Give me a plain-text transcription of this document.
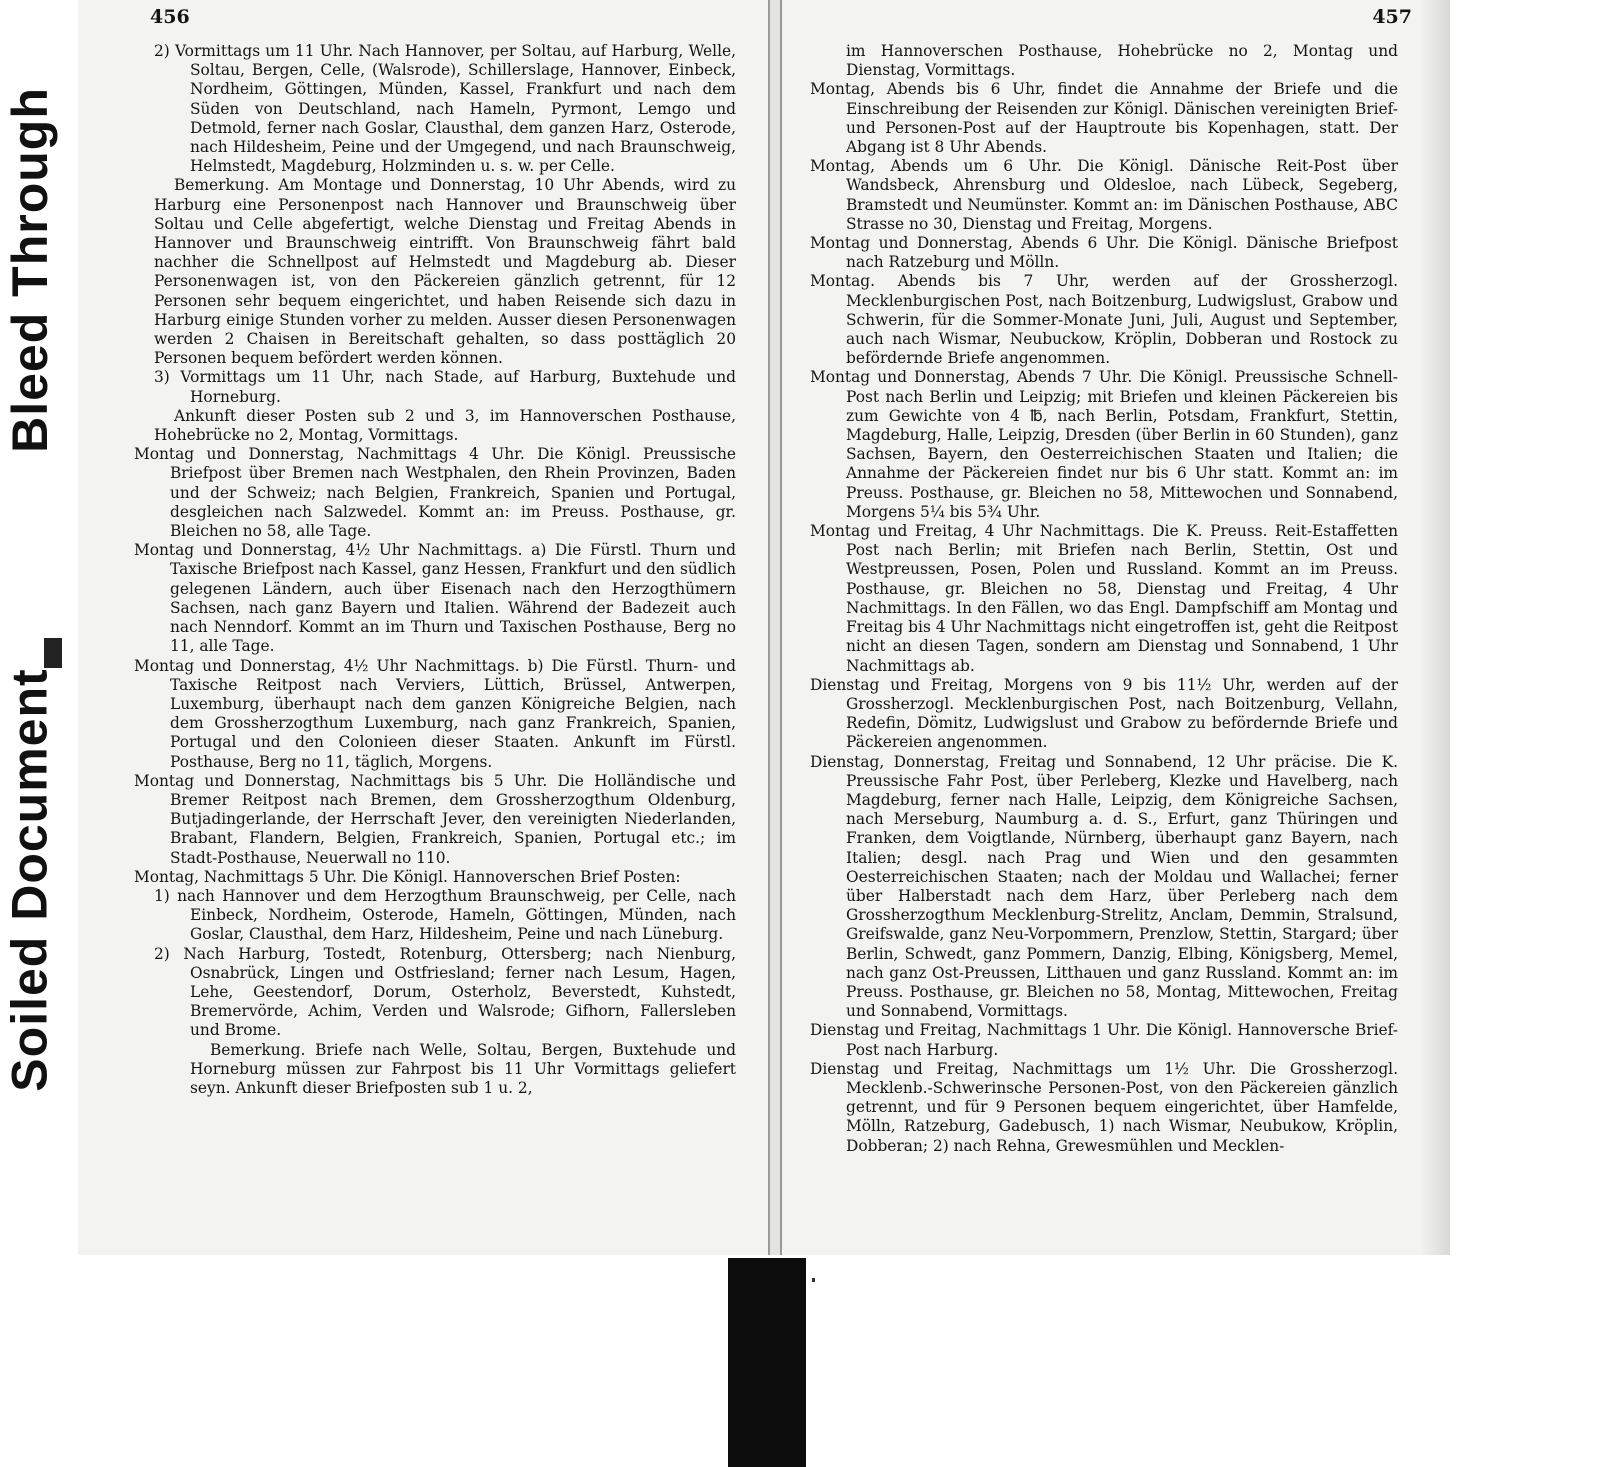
Bleed Through
Soiled Document
456

2) Vormittags um 11 Uhr. Nach Hannover, per Soltau, auf Harburg, Welle, Soltau, Bergen, Celle, (Walsrode), Schillerslage, Hannover, Einbeck, Nordheim, Göttingen, Münden, Kassel, Frankfurt und nach dem Süden von Deutschland, nach Hameln, Pyrmont, Lemgo und Detmold, ferner nach Goslar, Clausthal, dem ganzen Harz, Osterode, nach Hildesheim, Peine und der Umgegend, und nach Braunschweig, Helmstedt, Magdeburg, Holzminden u. s. w. per Celle.

Bemerkung. Am Montage und Donnerstag, 10 Uhr Abends, wird zu Harburg eine Personenpost nach Hannover und Braunschweig über Soltau und Celle abgefertigt, welche Dienstag und Freitag Abends in Hannover und Braunschweig eintrifft. Von Braunschweig fährt bald nachher die Schnellpost auf Helmstedt und Magdeburg ab. Dieser Personenwagen ist, von den Päckereien gänzlich getrennt, für 12 Personen sehr bequem eingerichtet, und haben Reisende sich dazu in Harburg einige Stunden vorher zu melden. Ausser diesen Personenwagen werden 2 Chaisen in Bereitschaft gehalten, so dass posttäglich 20 Personen bequem befördert werden können.

3) Vormittags um 11 Uhr, nach Stade, auf Harburg, Buxtehude und Horneburg.

Ankunft dieser Posten sub 2 und 3, im Hannoverschen Posthause, Hohebrücke no 2, Montag, Vormittags.

Montag und Donnerstag, Nachmittags 4 Uhr. Die Königl. Preussische Briefpost über Bremen nach Westphalen, den Rhein Provinzen, Baden und der Schweiz; nach Belgien, Frankreich, Spanien und Portugal, desgleichen nach Salzwedel. Kommt an: im Preuss. Posthause, gr. Bleichen no 58, alle Tage.

Montag und Donnerstag, 4½ Uhr Nachmittags. a) Die Fürstl. Thurn und Taxische Briefpost nach Kassel, ganz Hessen, Frankfurt und den südlich gelegenen Ländern, auch über Eisenach nach den Herzogthümern Sachsen, nach ganz Bayern und Italien. Während der Badezeit auch nach Nenndorf. Kommt an im Thurn und Taxischen Posthause, Berg no 11, alle Tage.

Montag und Donnerstag, 4½ Uhr Nachmittags. b) Die Fürstl. Thurn- und Taxische Reitpost nach Verviers, Lüttich, Brüssel, Antwerpen, Luxemburg, überhaupt nach dem ganzen Königreiche Belgien, nach dem Grossherzogthum Luxemburg, nach ganz Frankreich, Spanien, Portugal und den Colonieen dieser Staaten. Ankunft im Fürstl. Posthause, Berg no 11, täglich, Morgens.

Montag und Donnerstag, Nachmittags bis 5 Uhr. Die Holländische und Bremer Reitpost nach Bremen, dem Grossherzogthum Oldenburg, Butjadingerlande, der Herrschaft Jever, den vereinigten Niederlanden, Brabant, Flandern, Belgien, Frankreich, Spanien, Portugal etc.; im Stadt-Posthause, Neuerwall no 110.

Montag, Nachmittags 5 Uhr. Die Königl. Hannoverschen Brief Posten:

1) nach Hannover und dem Herzogthum Braunschweig, per Celle, nach Einbeck, Nordheim, Osterode, Hameln, Göttingen, Münden, nach Goslar, Clausthal, dem Harz, Hildesheim, Peine und nach Lüneburg.

2) Nach Harburg, Tostedt, Rotenburg, Ottersberg; nach Nienburg, Osnabrück, Lingen und Ostfriesland; ferner nach Lesum, Hagen, Lehe, Geestendorf, Dorum, Osterholz, Beverstedt, Kuhstedt, Bremervörde, Achim, Verden und Walsrode; Gifhorn, Fallersleben und Brome.

Bemerkung. Briefe nach Welle, Soltau, Bergen, Buxtehude und Horneburg müssen zur Fahrpost bis 11 Uhr Vormittags geliefert seyn. Ankunft dieser Briefposten sub 1 u. 2,

457

im Hannoverschen Posthause, Hohebrücke no 2, Montag und Dienstag, Vormittags.

Montag, Abends bis 6 Uhr, findet die Annahme der Briefe und die Einschreibung der Reisenden zur Königl. Dänischen vereinigten Brief- und Personen-Post auf der Hauptroute bis Kopenhagen, statt. Der Abgang ist 8 Uhr Abends.

Montag, Abends um 6 Uhr. Die Königl. Dänische Reit-Post über Wandsbeck, Ahrensburg und Oldesloe, nach Lübeck, Segeberg, Bramstedt und Neumünster. Kommt an: im Dänischen Posthause, ABC Strasse no 30, Dienstag und Freitag, Morgens.

Montag und Donnerstag, Abends 6 Uhr. Die Königl. Dänische Briefpost nach Ratzeburg und Mölln.

Montag. Abends bis 7 Uhr, werden auf der Grossherzogl. Mecklenburgischen Post, nach Boitzenburg, Ludwigslust, Grabow und Schwerin, für die Sommer-Monate Juni, Juli, August und September, auch nach Wismar, Neubuckow, Kröplin, Dobberan und Rostock zu befördernde Briefe angenommen.

Montag und Donnerstag, Abends 7 Uhr. Die Königl. Preussische Schnell-Post nach Berlin und Leipzig; mit Briefen und kleinen Päckereien bis zum Gewichte von 4 ℔, nach Berlin, Potsdam, Frankfurt, Stettin, Magdeburg, Halle, Leipzig, Dresden (über Berlin in 60 Stunden), ganz Sachsen, Bayern, den Oesterreichischen Staaten und Italien; die Annahme der Päckereien findet nur bis 6 Uhr statt. Kommt an: im Preuss. Posthause, gr. Bleichen no 58, Mittewochen und Sonnabend, Morgens 5¼ bis 5¾ Uhr.

Montag und Freitag, 4 Uhr Nachmittags. Die K. Preuss. Reit-Estaffetten Post nach Berlin; mit Briefen nach Berlin, Stettin, Ost und Westpreussen, Posen, Polen und Russland. Kommt an im Preuss. Posthause, gr. Bleichen no 58, Dienstag und Freitag, 4 Uhr Nachmittags. In den Fällen, wo das Engl. Dampfschiff am Montag und Freitag bis 4 Uhr Nachmittags nicht eingetroffen ist, geht die Reitpost nicht an diesen Tagen, sondern am Dienstag und Sonnabend, 1 Uhr Nachmittags ab.

Dienstag und Freitag, Morgens von 9 bis 11½ Uhr, werden auf der Grossherzogl. Mecklenburgischen Post, nach Boitzenburg, Vellahn, Redefin, Dömitz, Ludwigslust und Grabow zu befördernde Briefe und Päckereien angenommen.

Dienstag, Donnerstag, Freitag und Sonnabend, 12 Uhr präcise. Die K. Preussische Fahr Post, über Perleberg, Klezke und Havelberg, nach Magdeburg, ferner nach Halle, Leipzig, dem Königreiche Sachsen, nach Merseburg, Naumburg a. d. S., Erfurt, ganz Thüringen und Franken, dem Voigtlande, Nürnberg, überhaupt ganz Bayern, nach Italien; desgl. nach Prag und Wien und den gesammten Oesterreichischen Staaten; nach der Moldau und Wallachei; ferner über Halberstadt nach dem Harz, über Perleberg nach dem Grossherzogthum Mecklenburg-Strelitz, Anclam, Demmin, Stralsund, Greifswalde, ganz Neu-Vorpommern, Prenzlow, Stettin, Stargard; über Berlin, Schwedt, ganz Pommern, Danzig, Elbing, Königsberg, Memel, nach ganz Ost-Preussen, Litthauen und ganz Russland. Kommt an: im Preuss. Posthause, gr. Bleichen no 58, Montag, Mittewochen, Freitag und Sonnabend, Vormittags.

Dienstag und Freitag, Nachmittags 1 Uhr. Die Königl. Hannoversche Brief-Post nach Harburg.

Dienstag und Freitag, Nachmittags um 1½ Uhr. Die Grossherzogl. Mecklenb.-Schwerinsche Personen-Post, von den Päckereien gänzlich getrennt, und für 9 Personen bequem eingerichtet, über Hamfelde, Mölln, Ratzeburg, Gadebusch, 1) nach Wismar, Neubukow, Kröplin, Dobberan; 2) nach Rehna, Grewesmühlen und Mecklen-
